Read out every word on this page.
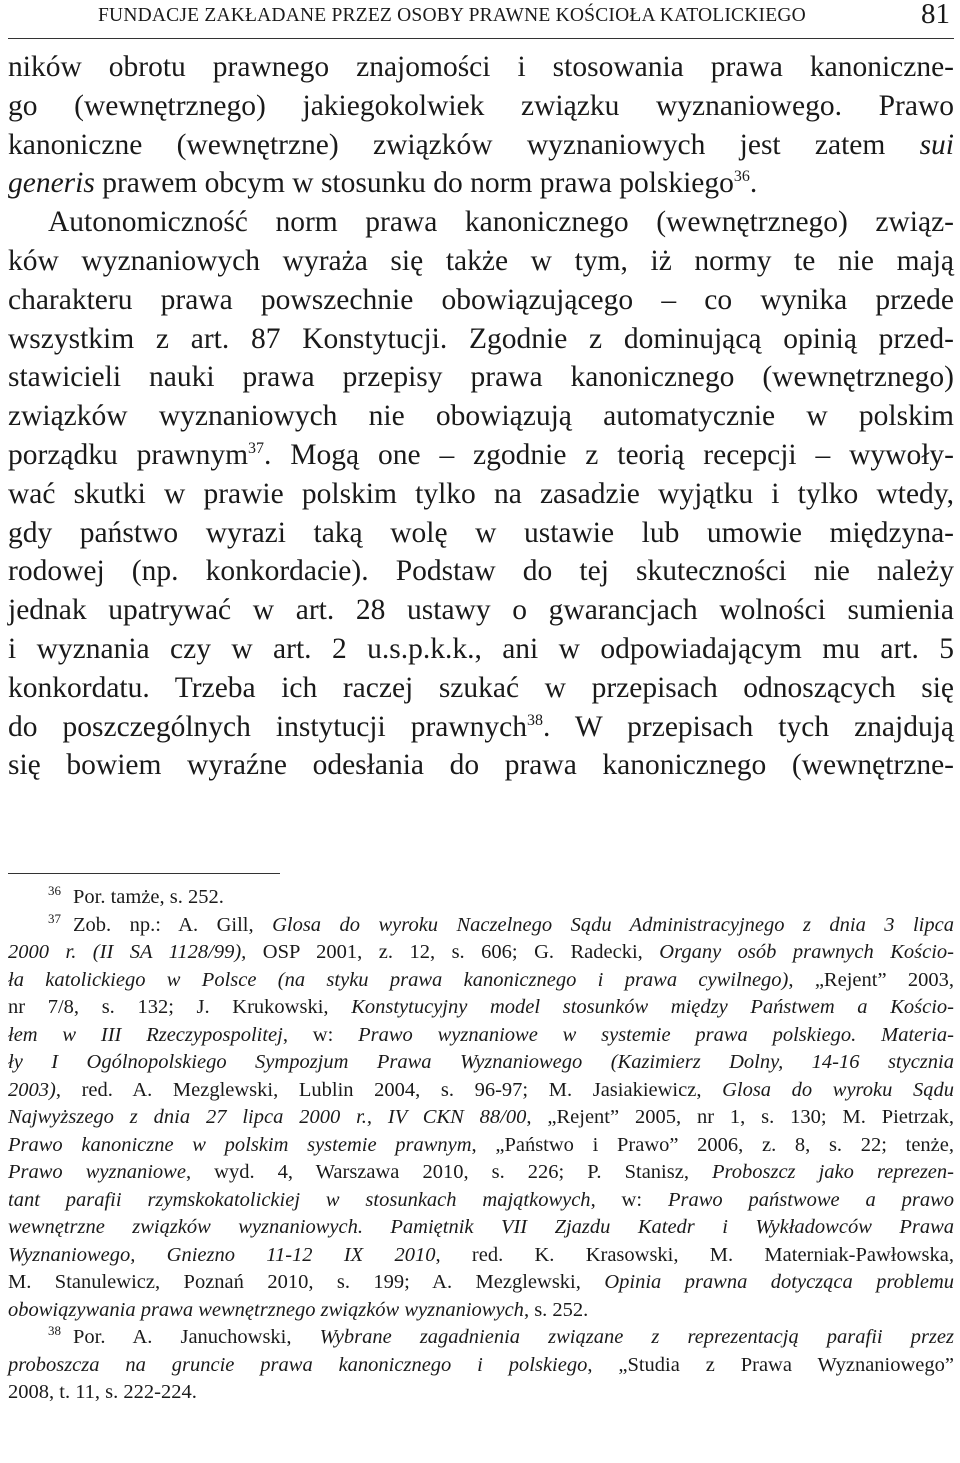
FUNDACJE ZAKŁADANE PRZEZ OSOBY PRAWNE KOŚCIOŁA KATOLICKIEGO	81
ników obrotu prawnego znajomości i stosowania prawa kanoniczne-
go (wewnętrznego) jakiegokolwiek związku wyznaniowego. Prawo
kanoniczne (wewnętrzne) związków wyznaniowych jest zatem sui
generis prawem obcym w stosunku do norm prawa polskiego$^{36}$.
Autonomiczność norm prawa kanonicznego (wewnętrznego) związ-
ków wyznaniowych wyraża się także w tym, iż normy te nie mają
charakteru prawa powszechnie obowiązującego – co wynika przede
wszystkim z art. 87 Konstytucji. Zgodnie z dominującą opinią przed-
stawicieli nauki prawa przepisy prawa kanonicznego (wewnętrznego)
związków wyznaniowych nie obowiązują automatycznie w polskim
porządku prawnym$^{37}$. Mogą one – zgodnie z teorią recepcji – wywoły-
wać skutki w prawie polskim tylko na zasadzie wyjątku i tylko wtedy,
gdy państwo wyrazi taką wolę w ustawie lub umowie międzyna-
rodowej (np. konkordacie). Podstaw do tej skuteczności nie należy
jednak upatrywać w art. 28 ustawy o gwarancjach wolności sumienia
i wyznania czy w art. 2 u.s.p.k.k., ani w odpowiadającym mu art. 5
konkordatu. Trzeba ich raczej szukać w przepisach odnoszących się
do poszczególnych instytucji prawnych$^{38}$. W przepisach tych znajdują
się bowiem wyraźne odesłania do prawa kanonicznego (wewnętrzne-
$^{36}$ Por. tamże, s. 252.
$^{37}$ Zob. np.: A. Gill, Glosa do wyroku Naczelnego Sądu Administracyjnego z dnia 3 lipca
2000 r. (II SA 1128/99), OSP 2001, z. 12, s. 606; G. Radecki, Organy osób prawnych Kościo-
ła katolickiego w Polsce (na styku prawa kanonicznego i prawa cywilnego), „Rejent” 2003,
nr 7/8, s. 132; J. Krukowski, Konstytucyjny model stosunków między Państwem a Kościo-
łem w III Rzeczypospolitej, w: Prawo wyznaniowe w systemie prawa polskiego. Materia-
ły I Ogólnopolskiego Sympozjum Prawa Wyznaniowego (Kazimierz Dolny, 14-16 stycznia
2003), red. A. Mezglewski, Lublin 2004, s. 96-97; M. Jasiakiewicz, Glosa do wyroku Sądu
Najwyższego z dnia 27 lipca 2000 r., IV CKN 88/00, „Rejent” 2005, nr 1, s. 130; M. Pietrzak,
Prawo kanoniczne w polskim systemie prawnym, „Państwo i Prawo” 2006, z. 8, s. 22; tenże,
Prawo wyznaniowe, wyd. 4, Warszawa 2010, s. 226; P. Stanisz, Proboszcz jako reprezen-
tant parafii rzymskokatolickiej w stosunkach majątkowych, w: Prawo państwowe a prawo
wewnętrzne związków wyznaniowych. Pamiętnik VII Zjazdu Katedr i Wykładowców Prawa
Wyznaniowego, Gniezno 11-12 IX 2010, red. K. Krasowski, M. Materniak-Pawłowska,
M. Stanulewicz, Poznań 2010, s. 199; A. Mezglewski, Opinia prawna dotycząca problemu
obowiązywania prawa wewnętrznego związków wyznaniowych, s. 252.
$^{38}$ Por. A. Januchowski, Wybrane zagadnienia związane z reprezentacją parafii przez
proboszcza na gruncie prawa kanonicznego i polskiego, „Studia z Prawa Wyznaniowego”
2008, t. 11, s. 222-224.
